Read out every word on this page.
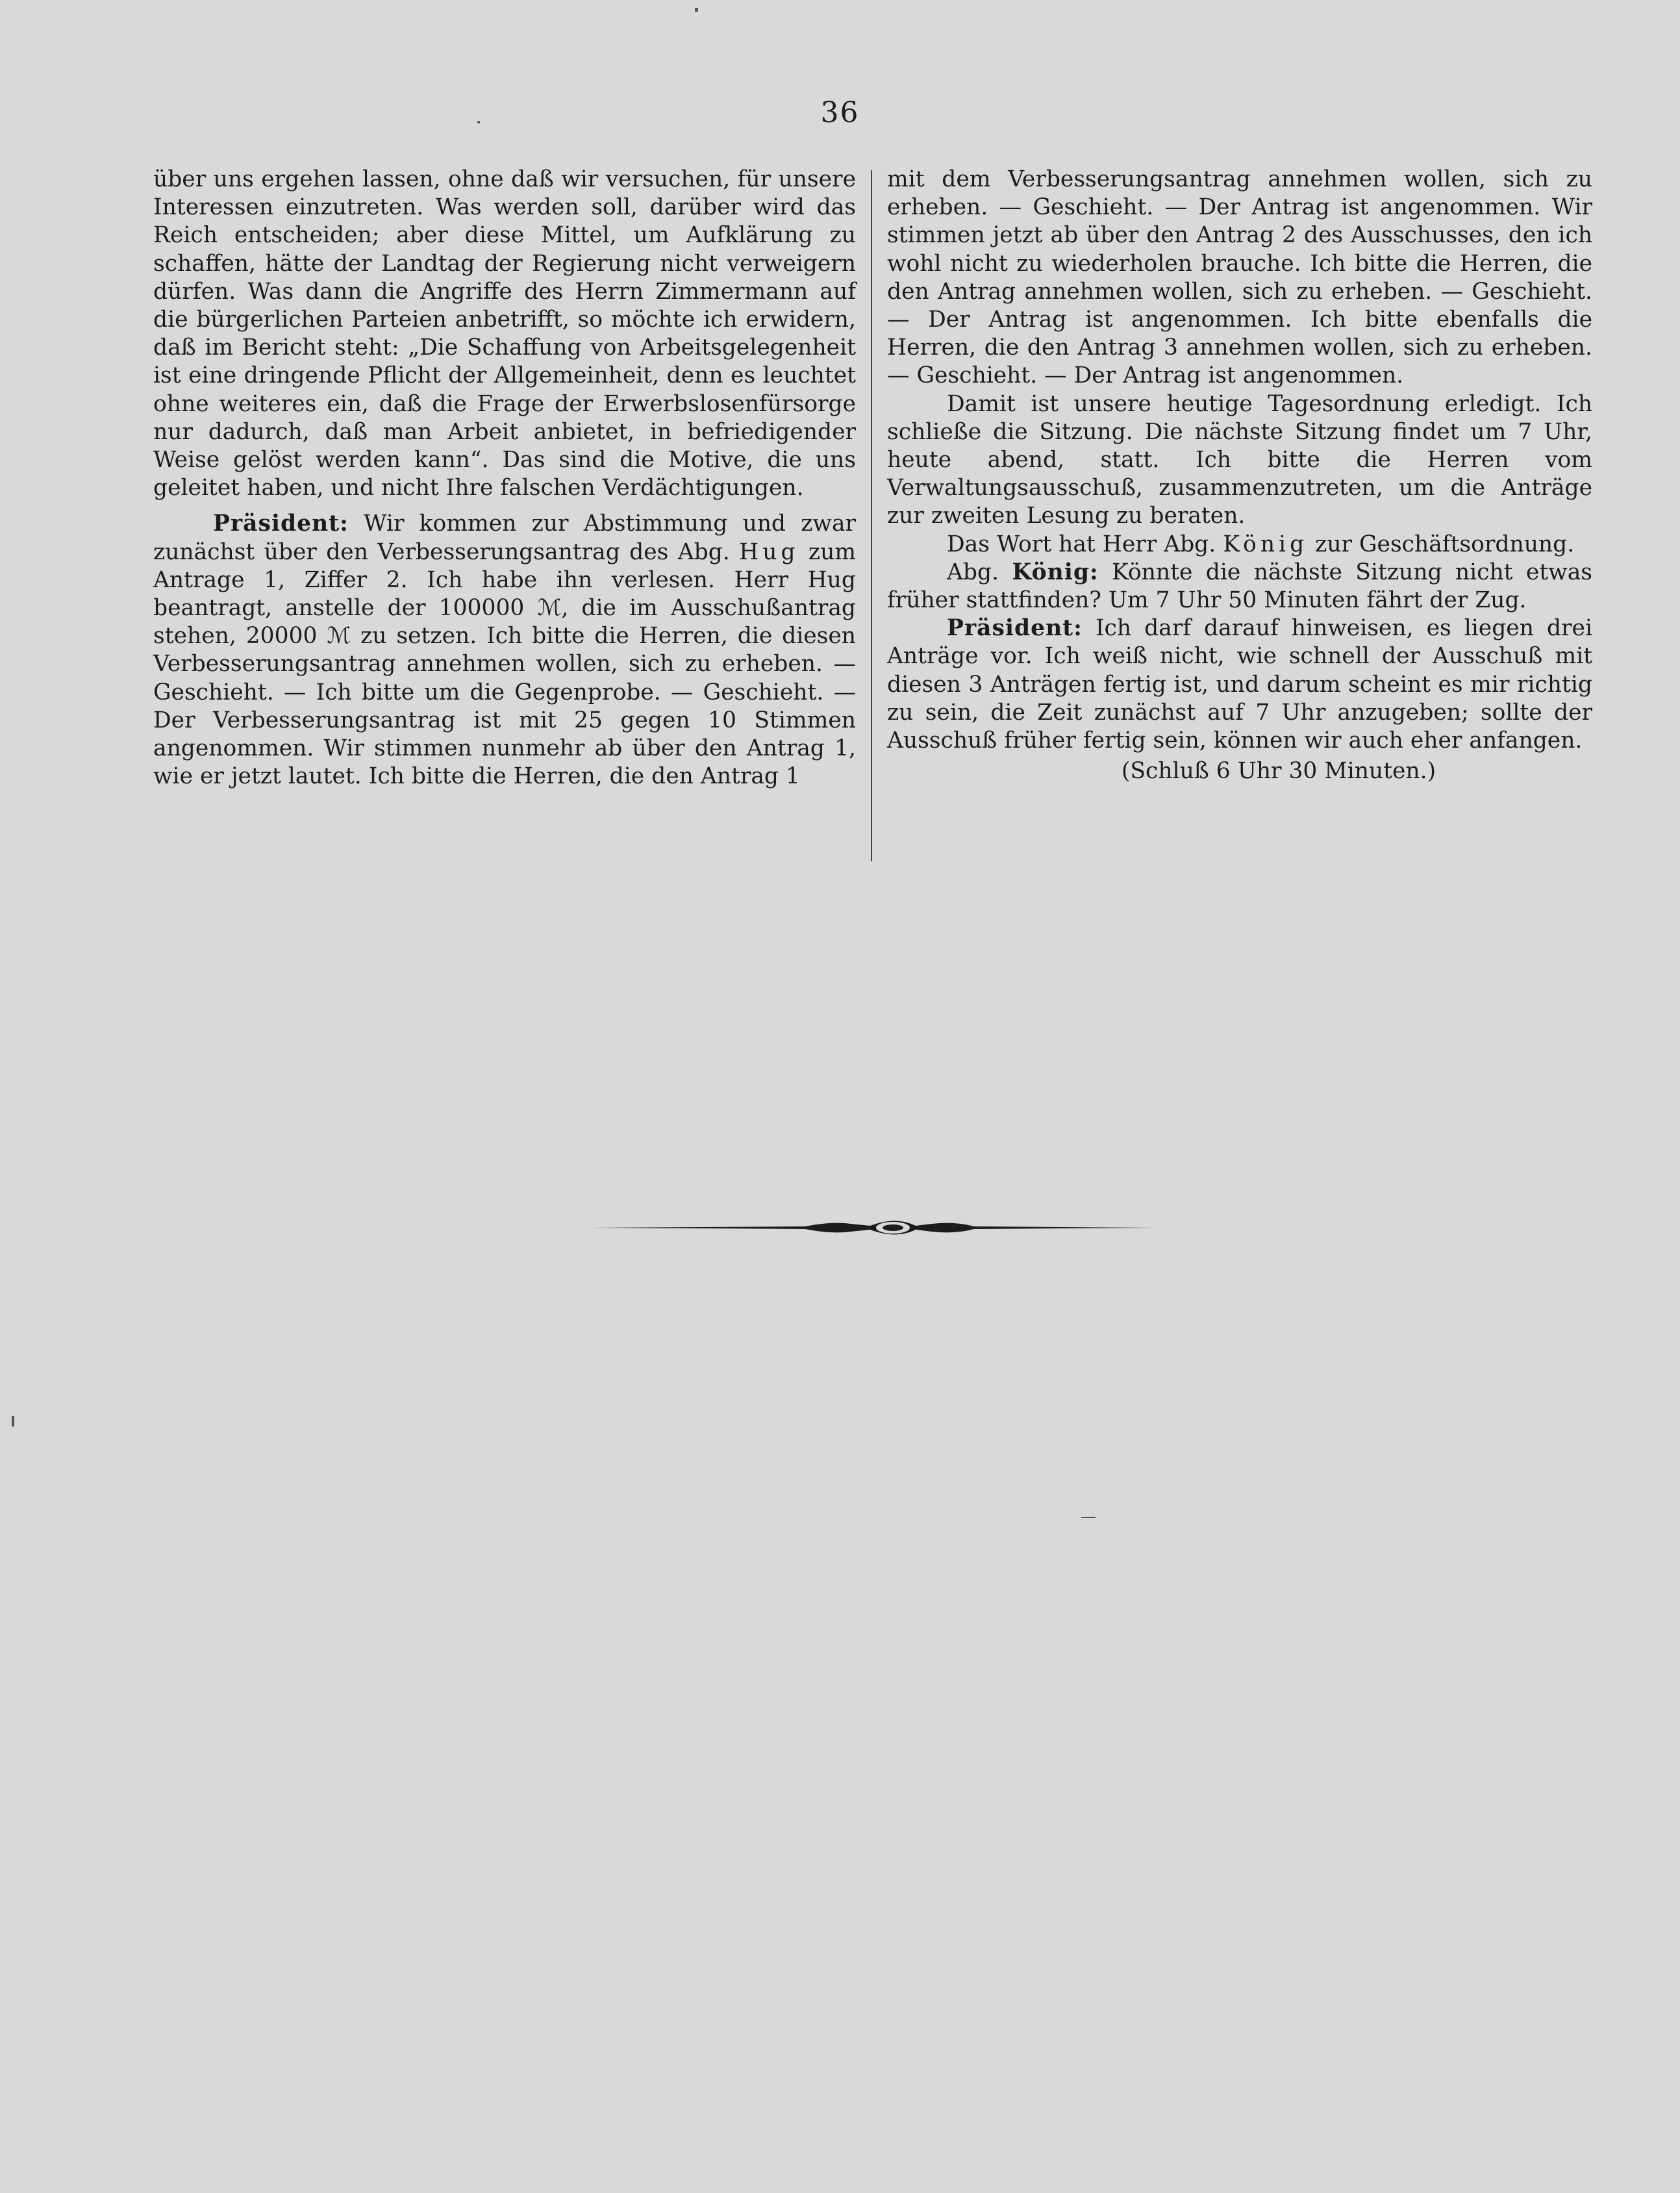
36

über uns ergehen lassen, ohne daß wir versuchen, für unsere Interessen einzutreten. Was werden soll, darüber wird das Reich entscheiden; aber diese Mittel, um Aufklärung zu schaffen, hätte der Landtag der Regierung nicht verweigern dürfen. Was dann die Angriffe des Herrn Zimmermann auf die bürgerlichen Parteien anbetrifft, so möchte ich erwidern, daß im Bericht steht: „Die Schaffung von Arbeitsgelegenheit ist eine dringende Pflicht der Allgemeinheit, denn es leuchtet ohne weiteres ein, daß die Frage der Erwerbslosenfürsorge nur dadurch, daß man Arbeit anbietet, in befriedigender Weise gelöst werden kann“. Das sind die Motive, die uns geleitet haben, und nicht Ihre falschen Verdächtigungen.

Präsident: Wir kommen zur Abstimmung und zwar zunächst über den Verbesserungsantrag des Abg. Hug zum Antrage 1, Ziffer 2. Ich habe ihn verlesen. Herr Hug beantragt, anstelle der 100000 ℳ, die im Ausschußantrag stehen, 20000 ℳ zu setzen. Ich bitte die Herren, die diesen Verbesserungsantrag annehmen wollen, sich zu erheben. — Geschieht. — Ich bitte um die Gegenprobe. — Geschieht. — Der Verbesserungsantrag ist mit 25 gegen 10 Stimmen angenommen. Wir stimmen nunmehr ab über den Antrag 1, wie er jetzt lautet. Ich bitte die Herren, die den Antrag 1

mit dem Verbesserungsantrag annehmen wollen, sich zu erheben. — Geschieht. — Der Antrag ist angenommen. Wir stimmen jetzt ab über den Antrag 2 des Ausschusses, den ich wohl nicht zu wiederholen brauche. Ich bitte die Herren, die den Antrag annehmen wollen, sich zu erheben. — Geschieht. — Der Antrag ist angenommen. Ich bitte ebenfalls die Herren, die den Antrag 3 annehmen wollen, sich zu erheben. — Geschieht. — Der Antrag ist angenommen.

Damit ist unsere heutige Tagesordnung erledigt. Ich schließe die Sitzung. Die nächste Sitzung findet um 7 Uhr, heute abend, statt. Ich bitte die Herren vom Verwaltungsausschuß, zusammenzutreten, um die Anträge zur zweiten Lesung zu beraten.

Das Wort hat Herr Abg. König zur Geschäftsordnung.

Abg. König: Könnte die nächste Sitzung nicht etwas früher stattfinden? Um 7 Uhr 50 Minuten fährt der Zug.

Präsident: Ich darf darauf hinweisen, es liegen drei Anträge vor. Ich weiß nicht, wie schnell der Ausschuß mit diesen 3 Anträgen fertig ist, und darum scheint es mir richtig zu sein, die Zeit zunächst auf 7 Uhr anzugeben; sollte der Ausschuß früher fertig sein, können wir auch eher anfangen.

(Schluß 6 Uhr 30 Minuten.)
